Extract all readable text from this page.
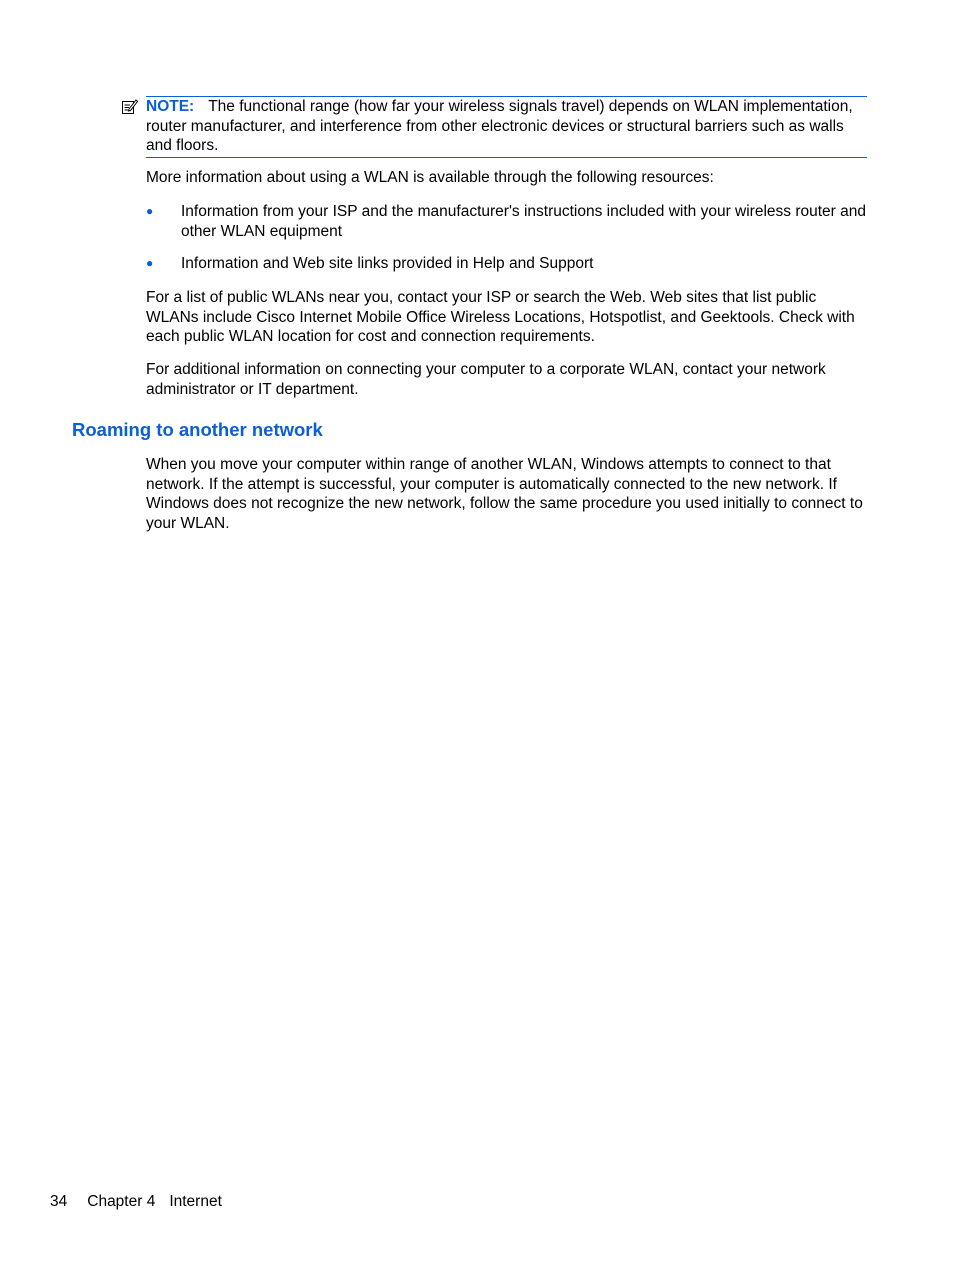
NOTE: The functional range (how far your wireless signals travel) depends on WLAN implementation, router manufacturer, and interference from other electronic devices or structural barriers such as walls and floors.

More information about using a WLAN is available through the following resources:

● Information from your ISP and the manufacturer's instructions included with your wireless router and other WLAN equipment
● Information and Web site links provided in Help and Support

For a list of public WLANs near you, contact your ISP or search the Web. Web sites that list public WLANs include Cisco Internet Mobile Office Wireless Locations, Hotspotlist, and Geektools. Check with each public WLAN location for cost and connection requirements.

For additional information on connecting your computer to a corporate WLAN, contact your network administrator or IT department.

Roaming to another network

When you move your computer within range of another WLAN, Windows attempts to connect to that network. If the attempt is successful, your computer is automatically connected to the new network. If Windows does not recognize the new network, follow the same procedure you used initially to connect to your WLAN.

34 Chapter 4 Internet
